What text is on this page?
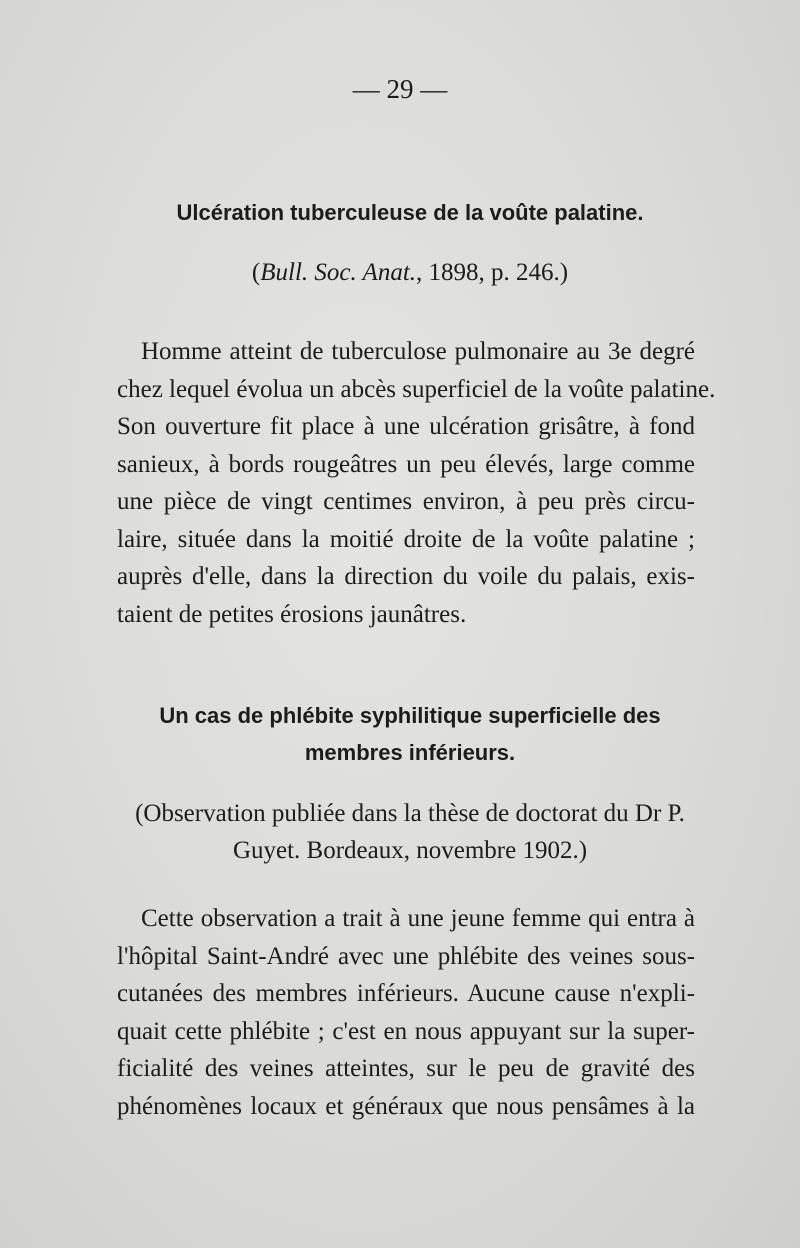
— 29 —
Ulcération tuberculeuse de la voûte palatine.
(Bull. Soc. Anat., 1898, p. 246.)
Homme atteint de tuberculose pulmonaire au 3e degré
chez lequel évolua un abcès superficiel de la voûte palatine.
Son ouverture fit place à une ulcération grisâtre, à fond
sanieux, à bords rougeâtres un peu élevés, large comme
une pièce de vingt centimes environ, à peu près circu-
laire, située dans la moitié droite de la voûte palatine ;
auprès d'elle, dans la direction du voile du palais, exis-
taient de petites érosions jaunâtres.
Un cas de phlébite syphilitique superficielle des
membres inférieurs.
(Observation publiée dans la thèse de doctorat du Dr P.
Guyet. Bordeaux, novembre 1902.)
Cette observation a trait à une jeune femme qui entra à
l'hôpital Saint-André avec une phlébite des veines sous-
cutanées des membres inférieurs. Aucune cause n'expli-
quait cette phlébite ; c'est en nous appuyant sur la super-
ficialité des veines atteintes, sur le peu de gravité des
phénomènes locaux et généraux que nous pensâmes à la
